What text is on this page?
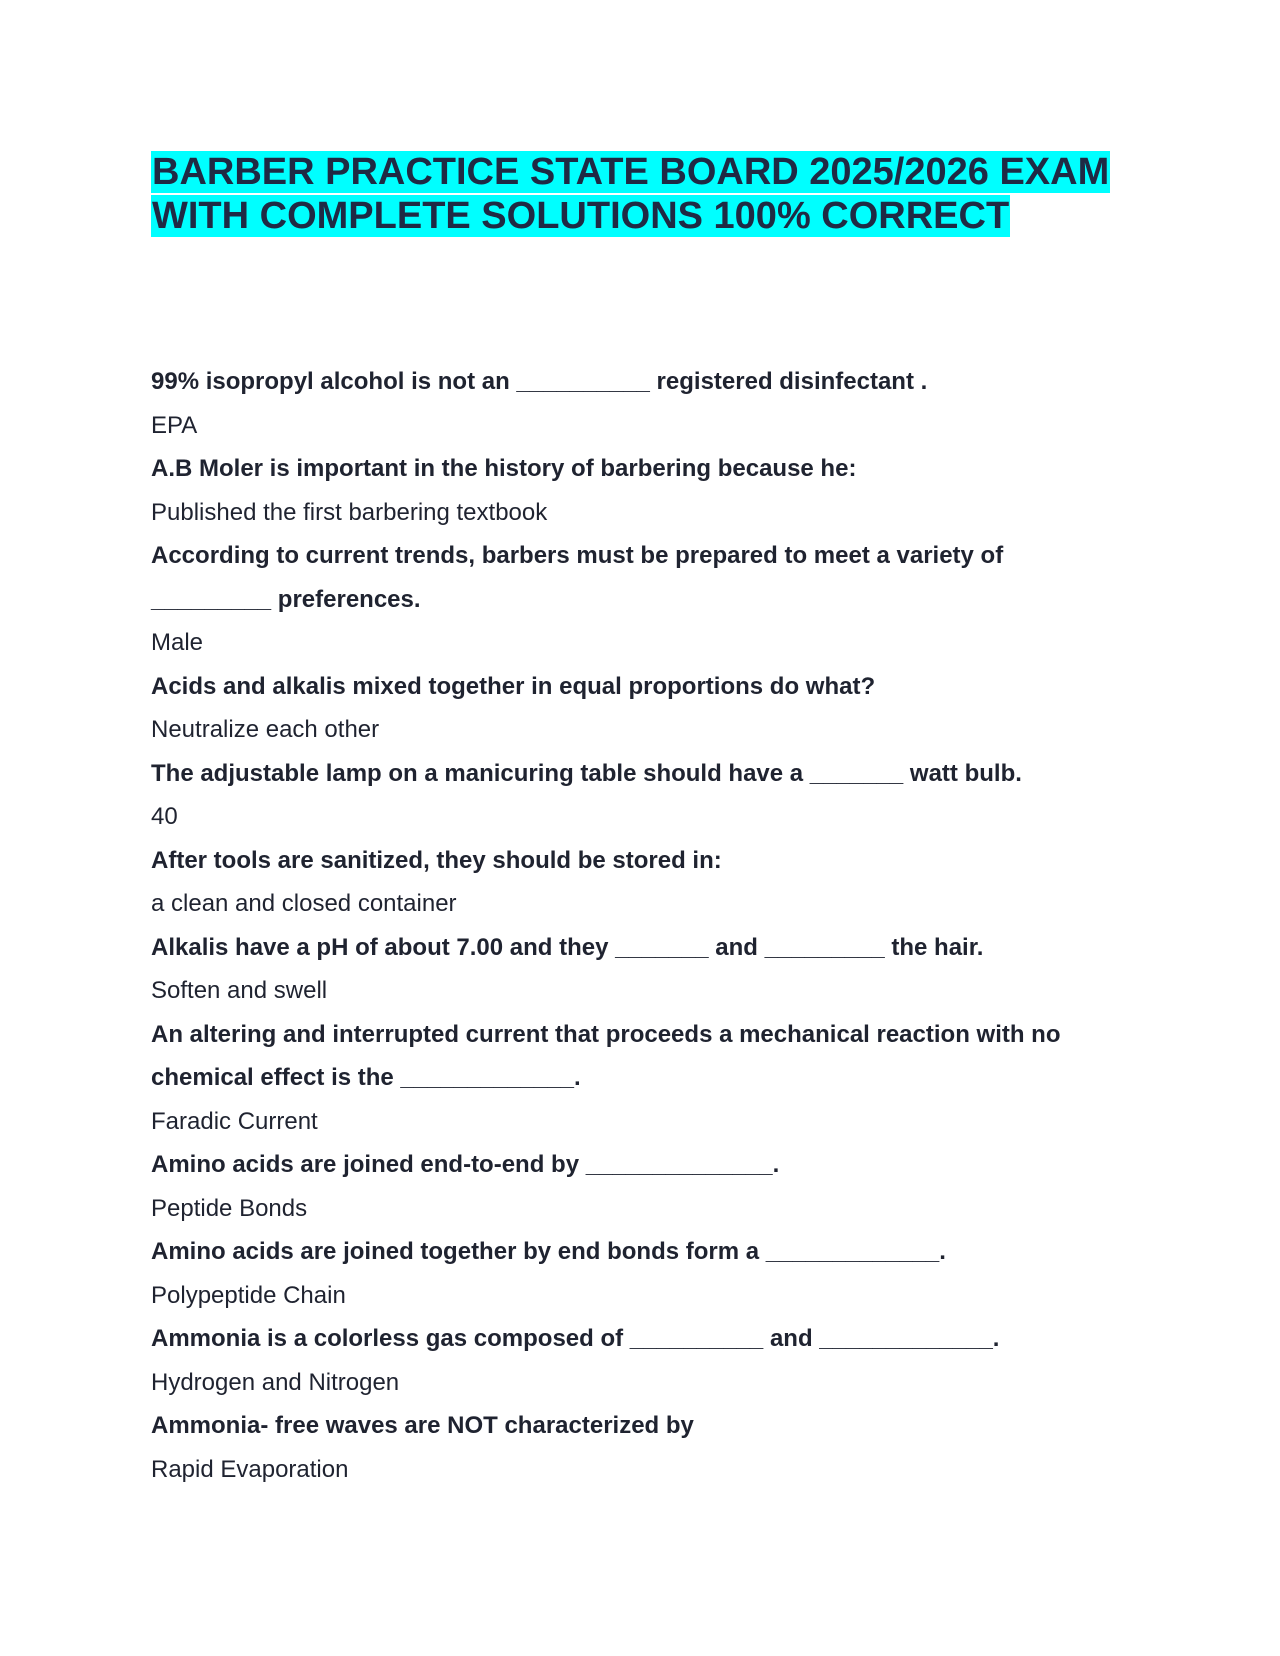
BARBER PRACTICE STATE BOARD 2025/2026 EXAM
WITH COMPLETE SOLUTIONS 100% CORRECT
99% isopropyl alcohol is not an __________ registered disinfectant .
EPA
A.B Moler is important in the history of barbering because he:
Published the first barbering textbook
According to current trends, barbers must be prepared to meet a variety of
_________ preferences.
Male
Acids and alkalis mixed together in equal proportions do what?
Neutralize each other
The adjustable lamp on a manicuring table should have a _______ watt bulb.
40
After tools are sanitized, they should be stored in:
a clean and closed container
Alkalis have a pH of about 7.00 and they _______ and _________ the hair.
Soften and swell
An altering and interrupted current that proceeds a mechanical reaction with no
chemical effect is the _____________.
Faradic Current
Amino acids are joined end-to-end by ______________.
Peptide Bonds
Amino acids are joined together by end bonds form a _____________.
Polypeptide Chain
Ammonia is a colorless gas composed of __________ and _____________.
Hydrogen and Nitrogen
Ammonia- free waves are NOT characterized by
Rapid Evaporation
